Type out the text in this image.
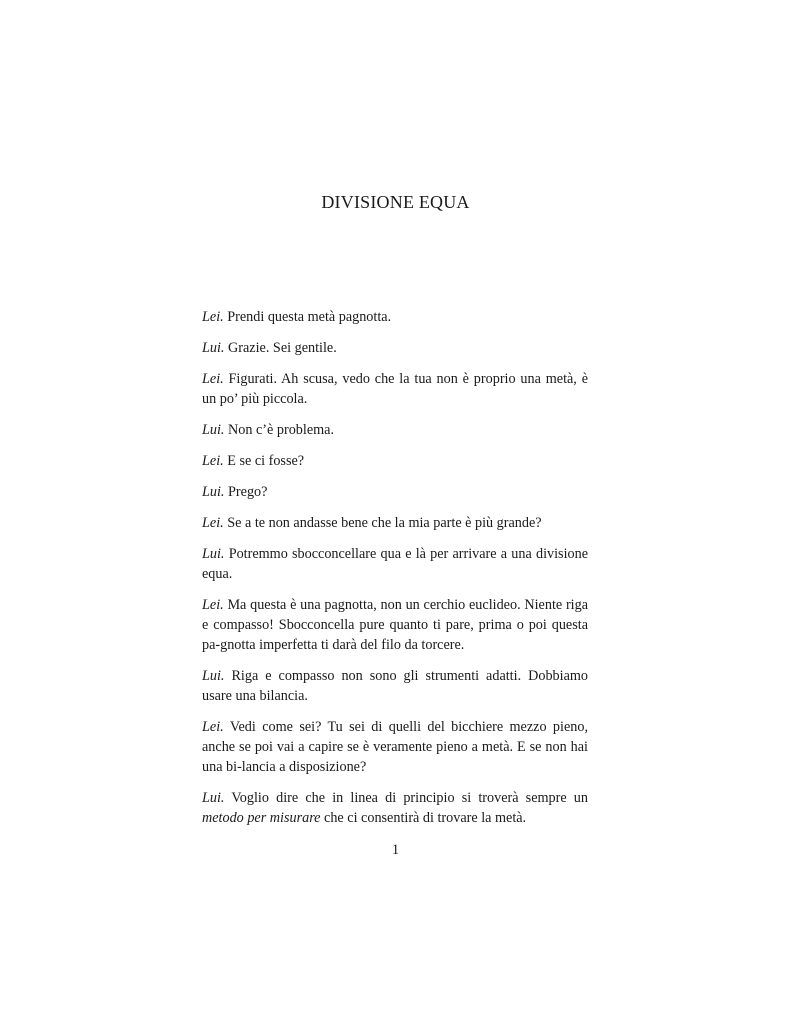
DIVISIONE EQUA

Lei. Prendi questa metà pagnotta.

Lui. Grazie. Sei gentile.

Lei. Figurati. Ah scusa, vedo che la tua non è proprio una metà, è un po’ più piccola.

Lui. Non c’è problema.

Lei. E se ci fosse?

Lui. Prego?

Lei. Se a te non andasse bene che la mia parte è più grande?

Lui. Potremmo sbocconcellare qua e là per arrivare a una divisione equa.

Lei. Ma questa è una pagnotta, non un cerchio euclideo. Niente riga e compasso! Sbocconcella pure quanto ti pare, prima o poi questa pa-gnotta imperfetta ti darà del filo da torcere.

Lui. Riga e compasso non sono gli strumenti adatti. Dobbiamo usare una bilancia.

Lei. Vedi come sei? Tu sei di quelli del bicchiere mezzo pieno, anche se poi vai a capire se è veramente pieno a metà. E se non hai una bi-lancia a disposizione?

Lui. Voglio dire che in linea di principio si troverà sempre un metodo per misurare che ci consentirà di trovare la metà.

1
